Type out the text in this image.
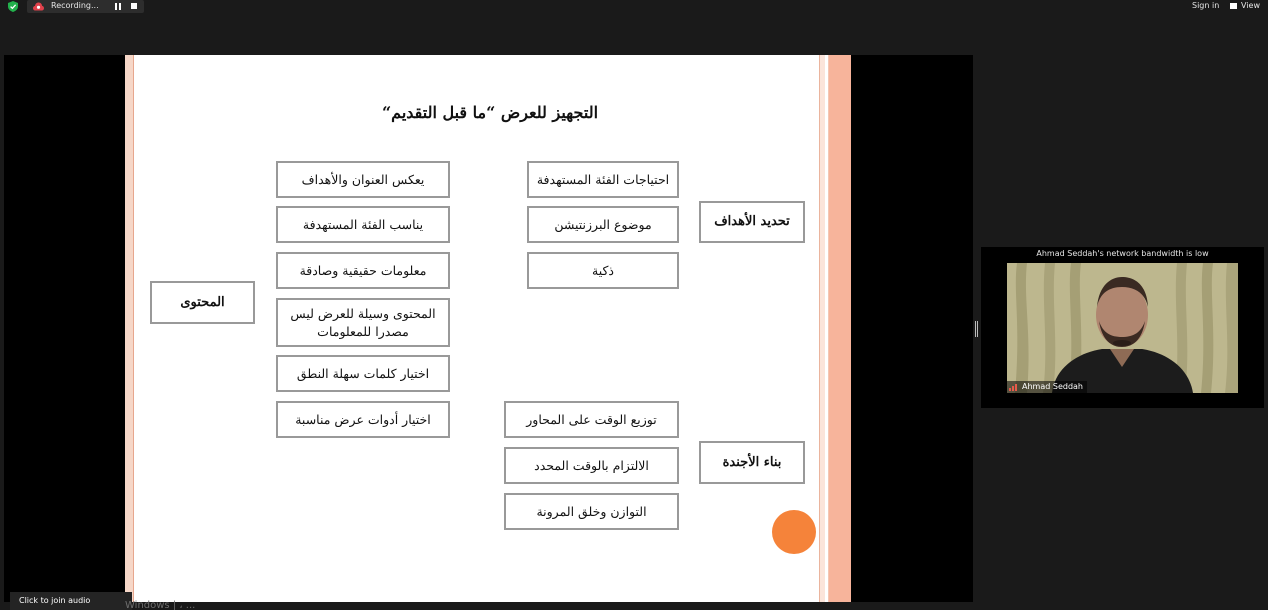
Recording...	Sign in	View
التجهيز للعرض “ما قبل التقديم“
تحديد الأهداف
احتياجات الفئة المستهدفة
موضوع البرزنتيشن
ذكية
المحتوى
يعكس العنوان والأهداف
يناسب الفئة المستهدفة
معلومات حقيقية وصادقة
المحتوى وسيلة للعرض ليس مصدرا للمعلومات
اختيار كلمات سهلة النطق
اختيار أدوات عرض مناسبة
بناء الأجندة
توزيع الوقت على المحاور
الالتزام بالوقت المحدد
التوازن وخلق المرونة
Ahmad Seddah's network bandwidth is low
Ahmad Seddah
Click to join audio	Windows | ، ...
